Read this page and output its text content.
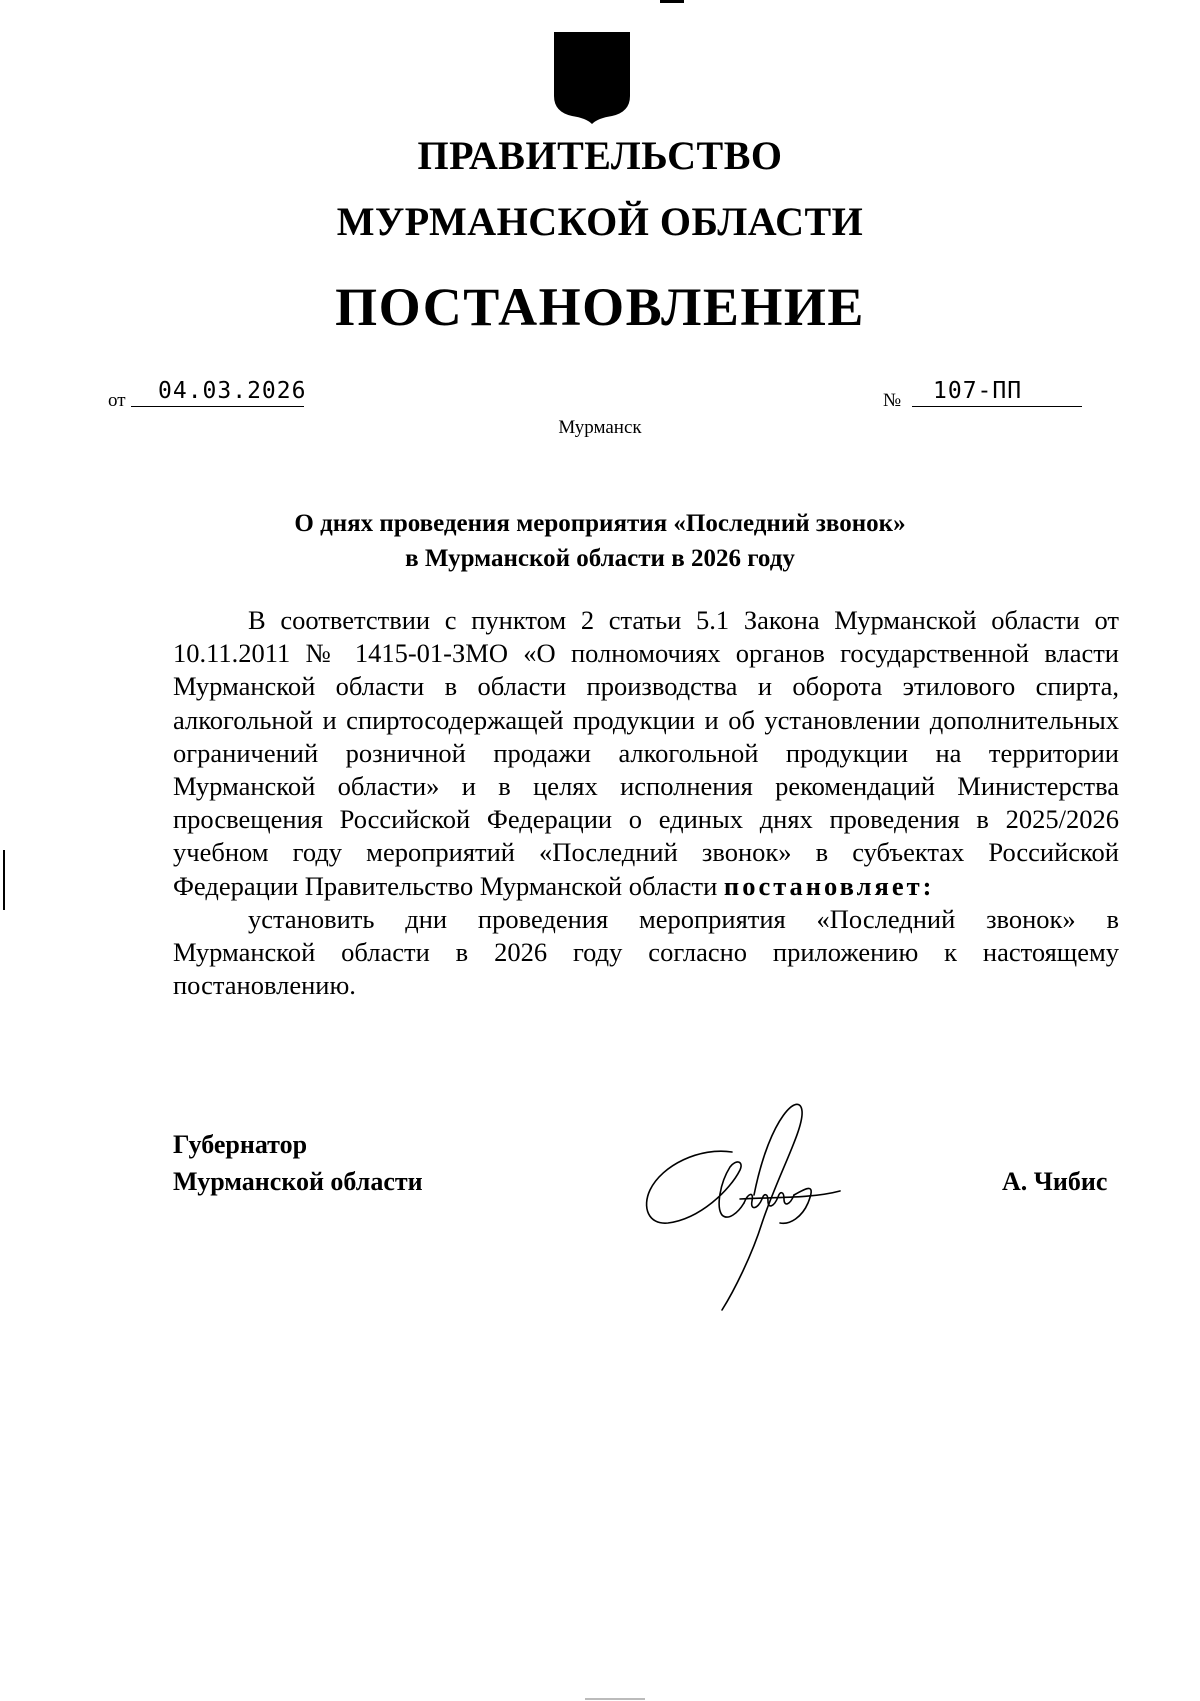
ПРАВИТЕЛЬСТВО
МУРМАНСКОЙ ОБЛАСТИ
ПОСТАНОВЛЕНИЕ
от 04.03.2026	№ 107-ПП
Мурманск
О днях проведения мероприятия «Последний звонок»
в Мурманской области в 2026 году

В соответствии с пунктом 2 статьи 5.1 Закона Мурманской области от 10.11.2011 № 1415-01-ЗМО «О полномочиях органов государственной власти Мурманской области в области производства и оборота этилового спирта, алкогольной и спиртосодержащей продукции и об установлении дополнительных ограничений розничной продажи алкогольной продукции на территории Мурманской области» и в целях исполнения рекомендаций Министерства просвещения Российской Федерации о единых днях проведения в 2025/2026 учебном году мероприятий «Последний звонок» в субъектах Российской Федерации Правительство Мурманской области постановляет:

установить дни проведения мероприятия «Последний звонок» в Мурманской области в 2026 году согласно приложению к настоящему постановлению.

Губернатор
Мурманской области	А. Чибис
